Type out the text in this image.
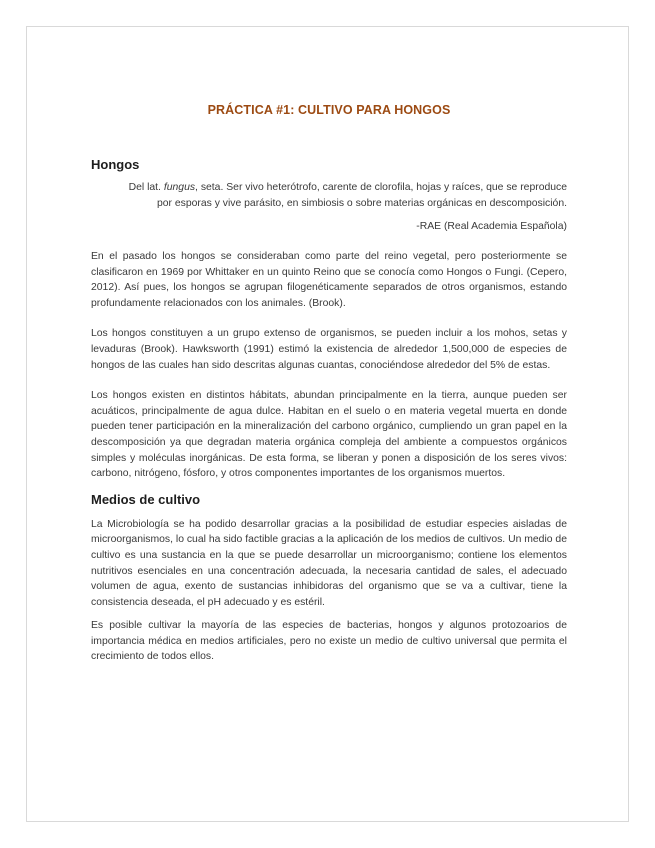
PRÁCTICA #1: CULTIVO PARA HONGOS
Hongos
Del lat. fungus, seta. Ser vivo heterótrofo, carente de clorofila, hojas y raíces, que se reproduce por esporas y vive parásito, en simbiosis o sobre materias orgánicas en descomposición.
-RAE (Real Academia Española)

En el pasado los hongos se consideraban como parte del reino vegetal, pero posteriormente se clasificaron en 1969 por Whittaker en un quinto Reino que se conocía como Hongos o Fungi. (Cepero, 2012). Así pues, los hongos se agrupan filogenéticamente separados de otros organismos, estando profundamente relacionados con los animales. (Brook).

Los hongos constituyen a un grupo extenso de organismos, se pueden incluir a los mohos, setas y levaduras (Brook). Hawksworth (1991) estimó la existencia de alrededor 1,500,000 de especies de hongos de las cuales han sido descritas algunas cuantas, conociéndose alrededor del 5% de estas.

Los hongos existen en distintos hábitats, abundan principalmente en la tierra, aunque pueden ser acuáticos, principalmente de agua dulce. Habitan en el suelo o en materia vegetal muerta en donde pueden tener participación en la mineralización del carbono orgánico, cumpliendo un gran papel en la descomposición ya que degradan materia orgánica compleja del ambiente a compuestos orgánicos simples y moléculas inorgánicas. De esta forma, se liberan y ponen a disposición de los seres vivos: carbono, nitrógeno, fósforo, y otros componentes importantes de los organismos muertos.

Medios de cultivo

La Microbiología se ha podido desarrollar gracias a la posibilidad de estudiar especies aisladas de microorganismos, lo cual ha sido factible gracias a la aplicación de los medios de cultivos. Un medio de cultivo es una sustancia en la que se puede desarrollar un microorganismo; contiene los elementos nutritivos esenciales en una concentración adecuada, la necesaria cantidad de sales, el adecuado volumen de agua, exento de sustancias inhibidoras del organismo que se va a cultivar, tiene la consistencia deseada, el pH adecuado y es estéril.

Es posible cultivar la mayoría de las especies de bacterias, hongos y algunos protozoarios de importancia médica en medios artificiales, pero no existe un medio de cultivo universal que permita el crecimiento de todos ellos.
